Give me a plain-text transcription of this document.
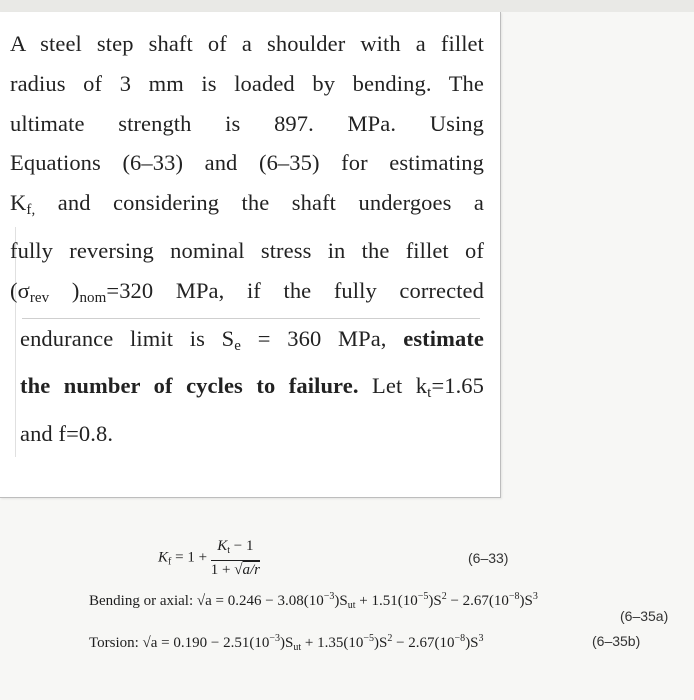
A steel step shaft of a shoulder with a fillet
radius of 3 mm is loaded by bending. The
ultimate strength is 897. MPa. Using
Equations (6–33) and (6–35) for estimating
$K_{f,}$ and considering the shaft undergoes a
fully reversing nominal stress in the fillet of
($\sigma_{rev}$ )$_{nom}=320$ MPa, if the fully corrected
endurance limit is $S_e = 360$ MPa, estimate
the number of cycles to failure. Let $k_t=1.65$
and f=0.8.
$K_f = 1 + \frac{K_t - 1}{1 + √a/r}$	(6–33)
Bending or axial: $√a = 0.246 - 3.08(10^{-3})S_{ut} + 1.51(10^{-5})S^2 - 2.67(10^{-8})S^3$
(6–35a)
Torsion: $√a = 0.190 - 2.51(10^{-3})S_{ut} + 1.35(10^{-5})S^2 - 2.67(10^{-8})S^3$	(6–35b)
